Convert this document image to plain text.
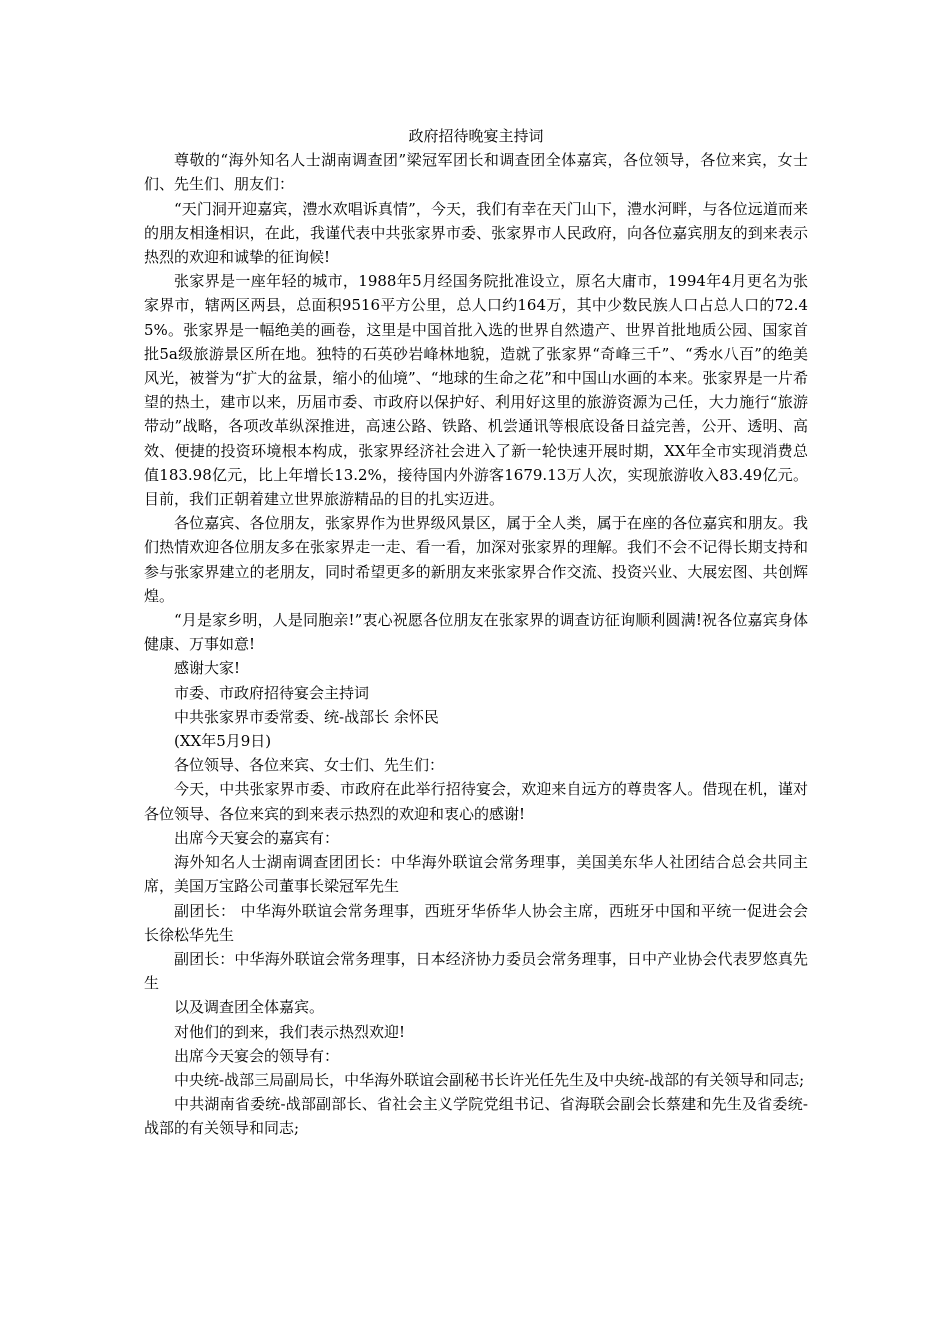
政府招待晚宴主持词

尊敬的“海外知名人士湖南调查团”梁冠军团长和调查团全体嘉宾，各位领导，各位来宾，女士们、先生们、朋友们：

“天门洞开迎嘉宾，澧水欢唱诉真情”，今天，我们有幸在天门山下，澧水河畔，与各位远道而来的朋友相逢相识，在此，我谨代表中共张家界市委、张家界市人民政府，向各位嘉宾朋友的到来表示热烈的欢迎和诚挚的征询候!

张家界是一座年轻的城市，1988年5月经国务院批准设立，原名大庸市，1994年4月更名为张家界市，辖两区两县，总面积9516平方公里，总人口约164万，其中少数民族人口占总人口的72.45%。张家界是一幅绝美的画卷，这里是中国首批入选的世界自然遗产、世界首批地质公园、国家首批5a级旅游景区所在地。独特的石英砂岩峰林地貌，造就了张家界“奇峰三千”、“秀水八百”的绝美风光，被誉为“扩大的盆景，缩小的仙境”、“地球的生命之花”和中国山水画的本来。张家界是一片希望的热土，建市以来，历届市委、市政府以保护好、利用好这里的旅游资源为己任，大力施行“旅游带动”战略，各项改革纵深推进，高速公路、铁路、机尝通讯等根底设备日益完善，公开、透明、高效、便捷的投资环境根本构成，张家界经济社会进入了新一轮快速开展时期，XX年全市实现消费总值183.98亿元，比上年增长13.2%，接待国内外游客1679.13万人次，实现旅游收入83.49亿元。目前，我们正朝着建立世界旅游精品的目的扎实迈进。

各位嘉宾、各位朋友，张家界作为世界级风景区，属于全人类，属于在座的各位嘉宾和朋友。我们热情欢迎各位朋友多在张家界走一走、看一看，加深对张家界的理解。我们不会不记得长期支持和参与张家界建立的老朋友，同时希望更多的新朋友来张家界合作交流、投资兴业、大展宏图、共创辉煌。

“月是家乡明，人是同胞亲!”衷心祝愿各位朋友在张家界的调查访征询顺利圆满!祝各位嘉宾身体健康、万事如意!

感谢大家!

市委、市政府招待宴会主持词

中共张家界市委常委、统-战部长 余怀民

(XX年5月9日)

各位领导、各位来宾、女士们、先生们：

今天，中共张家界市委、市政府在此举行招待宴会，欢迎来自远方的尊贵客人。借现在机，谨对各位领导、各位来宾的到来表示热烈的欢迎和衷心的感谢!

出席今天宴会的嘉宾有：

海外知名人士湖南调查团团长：中华海外联谊会常务理事，美国美东华人社团结合总会共同主席，美国万宝路公司董事长梁冠军先生

副团长： 中华海外联谊会常务理事，西班牙华侨华人协会主席，西班牙中国和平统一促进会会长徐松华先生

副团长：中华海外联谊会常务理事，日本经济协力委员会常务理事，日中产业协会代表罗悠真先生

以及调查团全体嘉宾。

对他们的到来，我们表示热烈欢迎!

出席今天宴会的领导有：

中央统-战部三局副局长，中华海外联谊会副秘书长许光任先生及中央统-战部的有关领导和同志;

中共湖南省委统-战部副部长、省社会主义学院党组书记、省海联会副会长蔡建和先生及省委统-战部的有关领导和同志;
